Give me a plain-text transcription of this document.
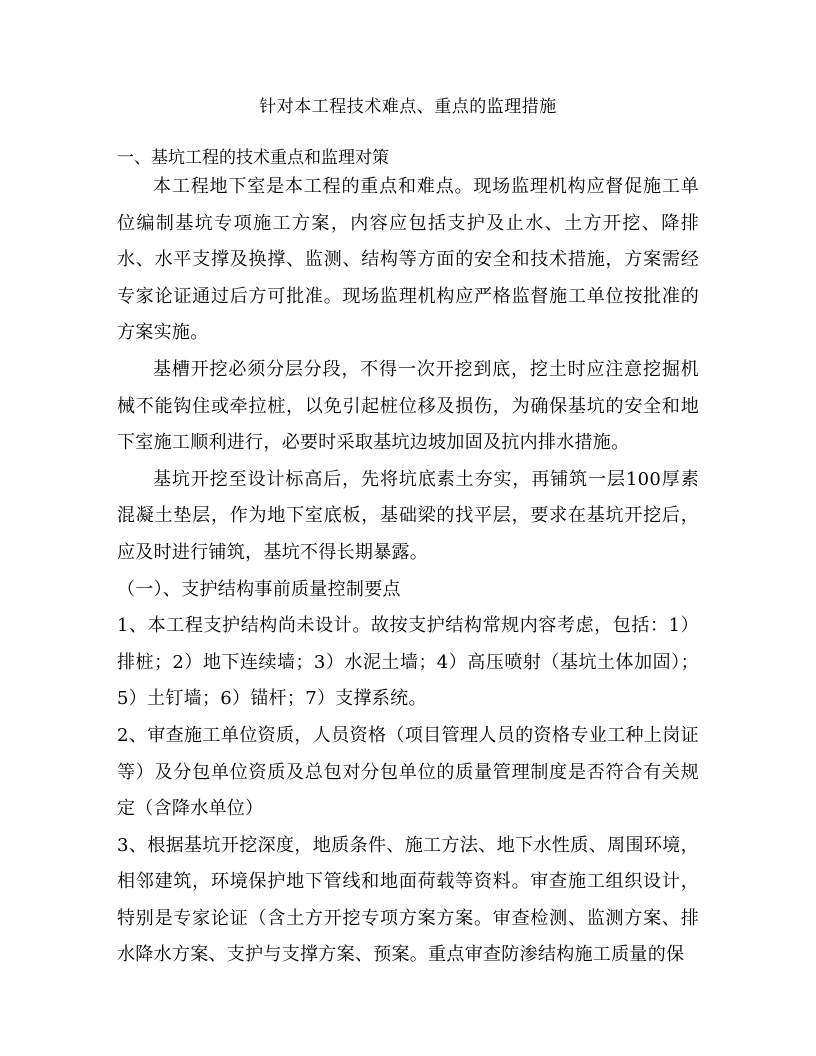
针对本工程技术难点、重点的监理措施
一、基坑工程的技术重点和监理对策

本工程地下室是本工程的重点和难点。现场监理机构应督促施工单位编制基坑专项施工方案，内容应包括支护及止水、土方开挖、降排水、水平支撑及换撑、监测、结构等方面的安全和技术措施，方案需经专家论证通过后方可批准。现场监理机构应严格监督施工单位按批准的方案实施。

基槽开挖必须分层分段，不得一次开挖到底，挖土时应注意挖掘机械不能钩住或牵拉桩，以免引起桩位移及损伤，为确保基坑的安全和地下室施工顺利进行，必要时采取基坑边坡加固及抗内排水措施。

基坑开挖至设计标高后，先将坑底素土夯实，再铺筑一层100厚素混凝土垫层，作为地下室底板，基础梁的找平层，要求在基坑开挖后，应及时进行铺筑，基坑不得长期暴露。

（一）、支护结构事前质量控制要点

1、本工程支护结构尚未设计。故按支护结构常规内容考虑，包括：1）排桩；2）地下连续墙；3）水泥土墙；4）高压喷射（基坑土体加固）；5）土钉墙；6）锚杆；7）支撑系统。

2、审查施工单位资质，人员资格（项目管理人员的资格专业工种上岗证等）及分包单位资质及总包对分包单位的质量管理制度是否符合有关规定（含降水单位）

3、根据基坑开挖深度，地质条件、施工方法、地下水性质、周围环境，相邻建筑，环境保护地下管线和地面荷载等资料。审查施工组织设计，特别是专家论证（含土方开挖专项方案方案。审查检测、监测方案、排水降水方案、支护与支撑方案、预案。重点审查防渗结构施工质量的保
